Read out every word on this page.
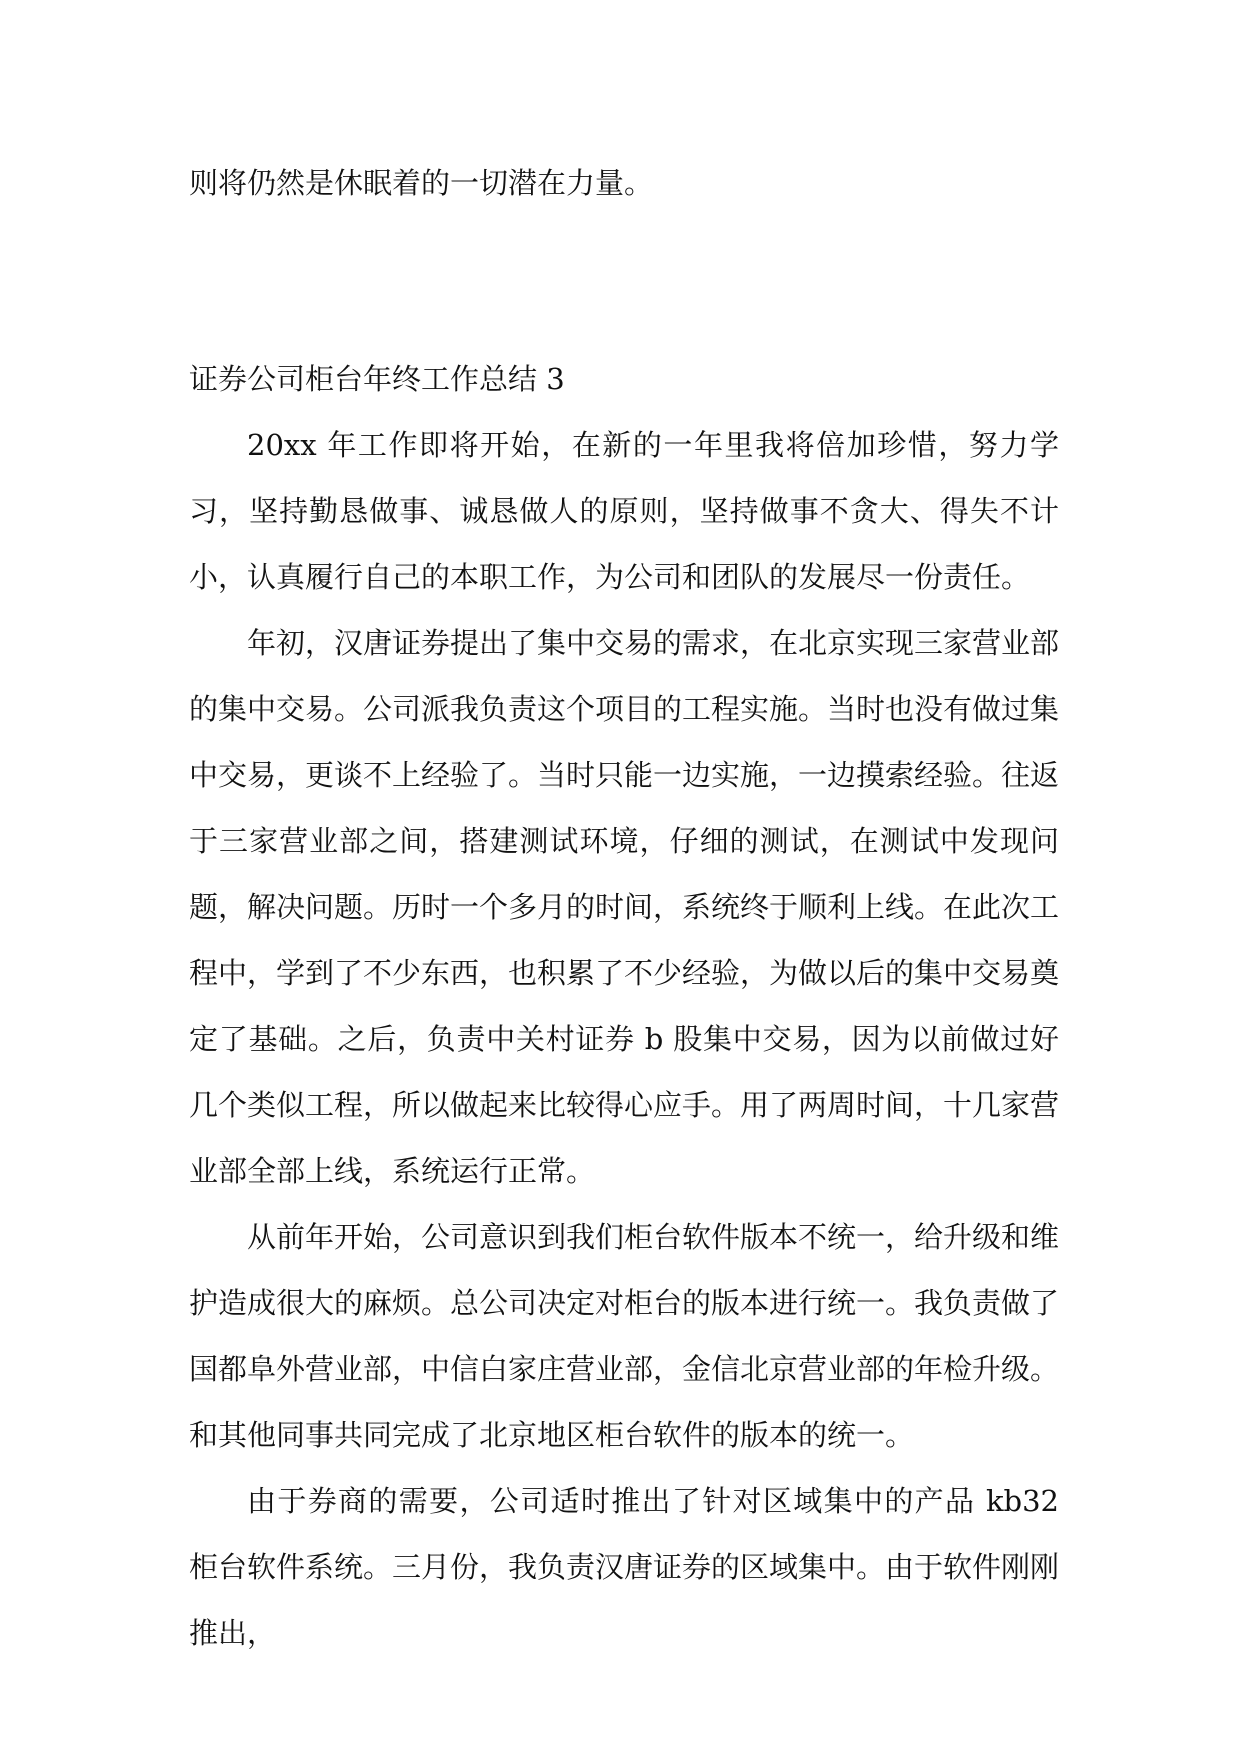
则将仍然是休眠着的一切潜在力量。
证券公司柜台年终工作总结 3

20xx 年工作即将开始，在新的一年里我将倍加珍惜，努力学习，坚持勤恳做事、诚恳做人的原则，坚持做事不贪大、得失不计小，认真履行自己的本职工作，为公司和团队的发展尽一份责任。

年初，汉唐证券提出了集中交易的需求，在北京实现三家营业部的集中交易。公司派我负责这个项目的工程实施。当时也没有做过集中交易，更谈不上经验了。当时只能一边实施，一边摸索经验。往返于三家营业部之间，搭建测试环境，仔细的测试，在测试中发现问题，解决问题。历时一个多月的时间，系统终于顺利上线。在此次工程中，学到了不少东西，也积累了不少经验，为做以后的集中交易奠定了基础。之后，负责中关村证券 b 股集中交易，因为以前做过好几个类似工程，所以做起来比较得心应手。用了两周时间，十几家营业部全部上线，系统运行正常。

从前年开始，公司意识到我们柜台软件版本不统一，给升级和维护造成很大的麻烦。总公司决定对柜台的版本进行统一。我负责做了国都阜外营业部，中信白家庄营业部，金信北京营业部的年检升级。和其他同事共同完成了北京地区柜台软件的版本的统一。

由于券商的需要，公司适时推出了针对区域集中的产品 kb32 柜台软件系统。三月份，我负责汉唐证券的区域集中。由于软件刚刚推出，
